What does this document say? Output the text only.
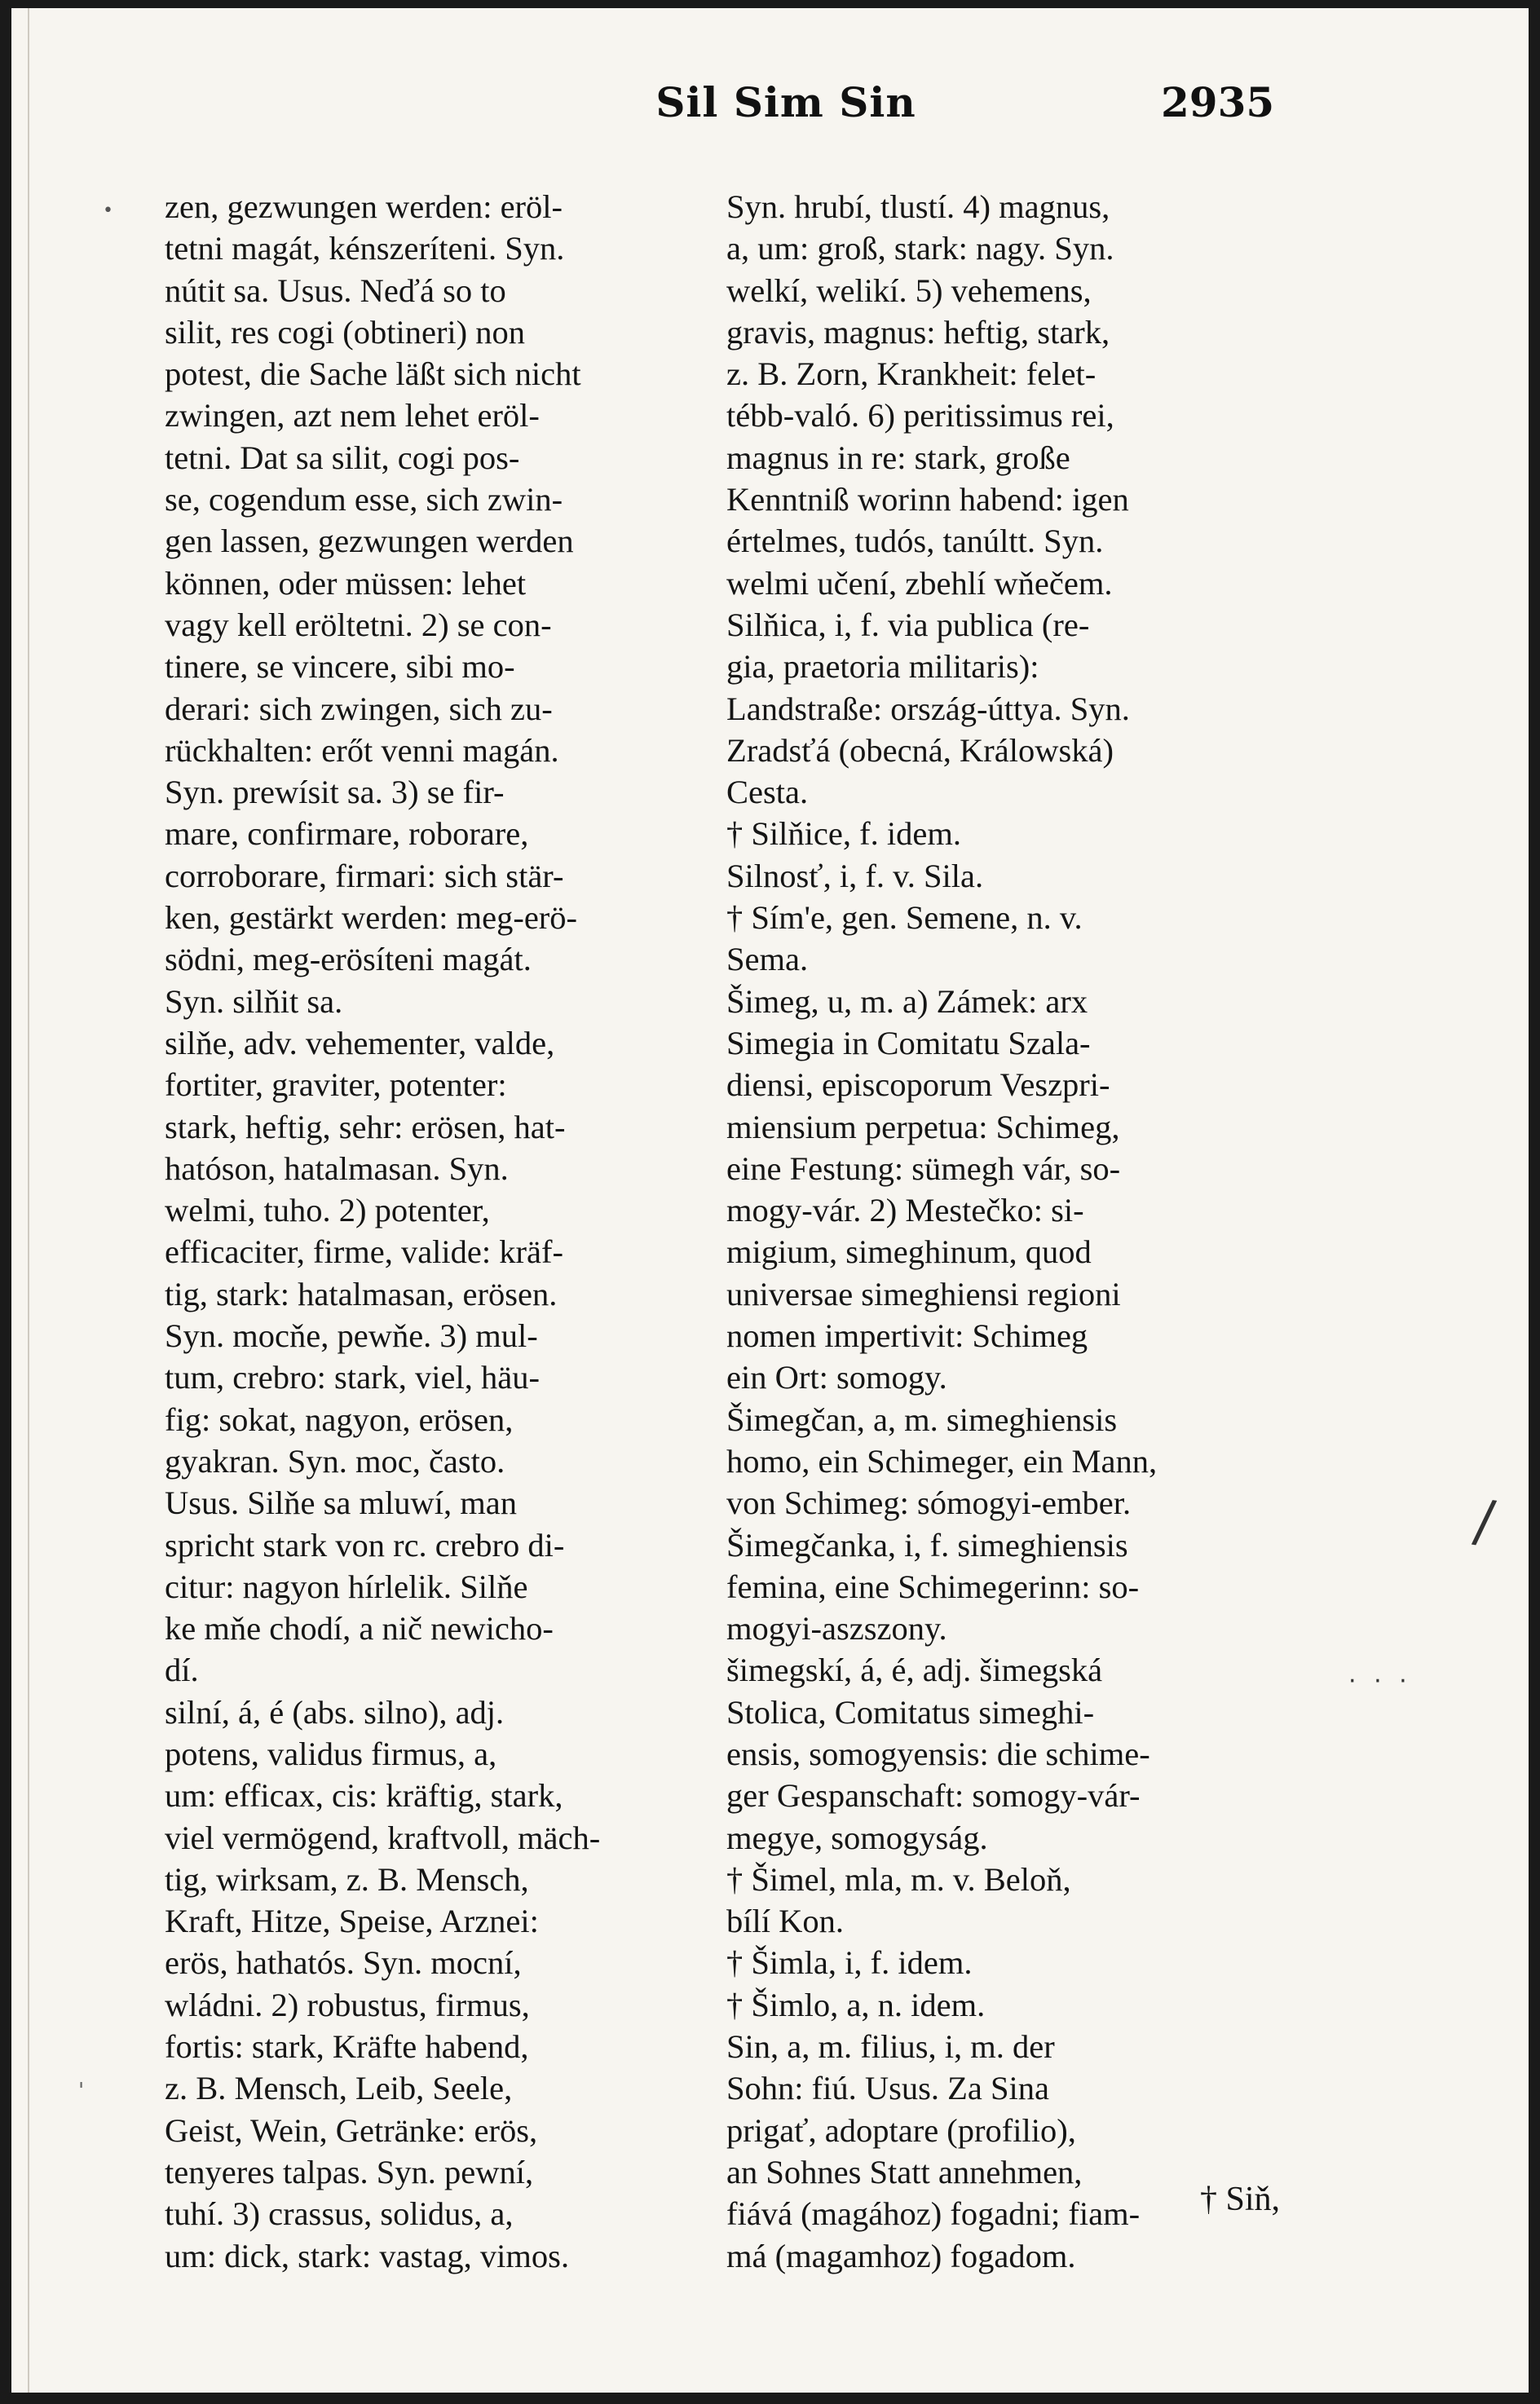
Sil Sim Sin	2935
•
/
· · ·
'
zen, gezwungen werden: eröl-
tetni magát, kénszeríteni. Syn.
nútit sa. Usus. Neďá so to
silit, res cogi (obtineri) non
potest, die Sache läßt sich nicht
zwingen, azt nem lehet eröl-
tetni. Dat sa silit, cogi pos-
se, cogendum esse, sich zwin-
gen lassen, gezwungen werden
können, oder müssen: lehet
vagy kell eröltetni. 2) se con-
tinere, se vincere, sibi mo-
derari: sich zwingen, sich zu-
rückhalten: erőt venni magán.
Syn. prewísit sa. 3) se fir-
mare, confirmare, roborare,
corroborare, firmari: sich stär-
ken, gestärkt werden: meg-erö-
södni, meg-erösíteni magát.
Syn. silňit sa.
silňe, adv. vehementer, valde,
fortiter, graviter, potenter:
stark, heftig, sehr: erösen, hat-
hatóson, hatalmasan. Syn.
welmi, tuho. 2) potenter,
efficaciter, firme, valide: kräf-
tig, stark: hatalmasan, erösen.
Syn. mocňe, pewňe. 3) mul-
tum, crebro: stark, viel, häu-
fig: sokat, nagyon, erösen,
gyakran. Syn. moc, často.
Usus. Silňe sa mluwí, man
spricht stark von rc. crebro di-
citur: nagyon hírlelik. Silňe
ke mňe chodí, a nič newicho-
dí.
silní, á, é (abs. silno), adj.
potens, validus firmus, a,
um: efficax, cis: kräftig, stark,
viel vermögend, kraftvoll, mäch-
tig, wirksam, z. B. Mensch,
Kraft, Hitze, Speise, Arznei:
erös, hathatós. Syn. mocní,
wládni. 2) robustus, firmus,
fortis: stark, Kräfte habend,
z. B. Mensch, Leib, Seele,
Geist, Wein, Getränke: erös,
tenyeres talpas. Syn. pewní,
tuhí. 3) crassus, solidus, a,
um: dick, stark: vastag, vimos.
Syn. hrubí, tlustí. 4) magnus,
a, um: groß, stark: nagy. Syn.
welkí, welikí. 5) vehemens,
gravis, magnus: heftig, stark,
z. B. Zorn, Krankheit: felet-
tébb-való. 6) peritissimus rei,
magnus in re: stark, große
Kenntniß worinn habend: igen
értelmes, tudós, tanúltt. Syn.
welmi učení, zbehlí wňečem.
Silňica, i, f. via publica (re-
gia, praetoria militaris):
Landstraße: ország-úttya. Syn.
Zradsťá (obecná, Králowská)
Cesta.
† Silňice, f. idem.
Silnosť, i, f. v. Sila.
† Sím'e, gen. Semene, n. v.
Sema.
Šimeg, u, m. a) Zámek: arx
Simegia in Comitatu Szala-
diensi, episcoporum Veszpri-
miensium perpetua: Schimeg,
eine Festung: sümegh vár, so-
mogy-vár. 2) Mestečko: si-
migium, simeghinum, quod
universae simeghiensi regioni
nomen impertivit: Schimeg
ein Ort: somogy.
Šimegčan, a, m. simeghiensis
homo, ein Schimeger, ein Mann,
von Schimeg: sómogyi-ember.
Šimegčanka, i, f. simeghiensis
femina, eine Schimegerinn: so-
mogyi-aszszony.
šimegskí, á, é, adj. šimegská
Stolica, Comitatus simeghi-
ensis, somogyensis: die schime-
ger Gespanschaft: somogy-vár-
megye, somogyság.
† Šimel, mla, m. v. Beloň,
bílí Kon.
† Šimla, i, f. idem.
† Šimlo, a, n. idem.
Sin, a, m. filius, i, m. der
Sohn: fiú. Usus. Za Sina
prigať, adoptare (profilio),
an Sohnes Statt annehmen,
fiává (magához) fogadni; fiam-
má (magamhoz) fogadom.
† Siň,
